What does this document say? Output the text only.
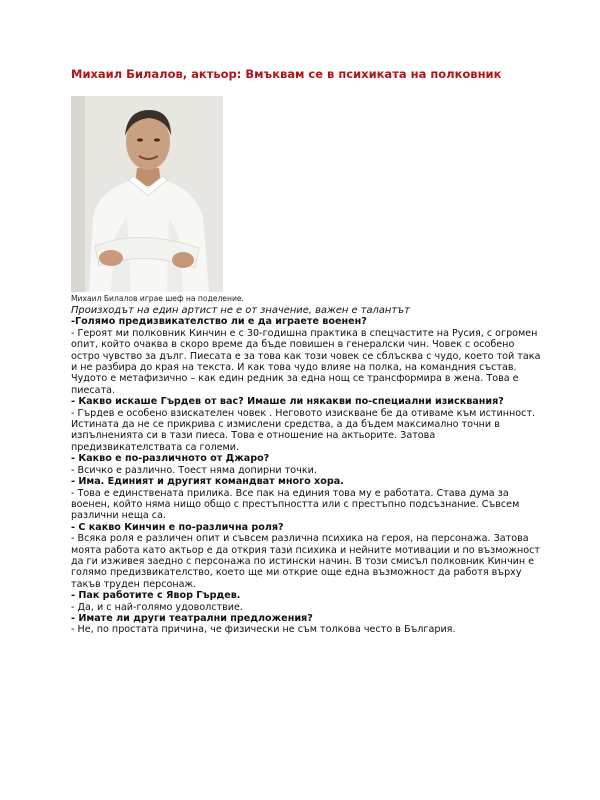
Михаил Билалов, актьор: Вмъквам се в психиката на полковник
Михаил Билалов играе шеф на поделение.

Произходът на един артист не е от значение, важен е талантът

-Голямо предизвикателство ли е да играете военен?

- Героят ми полковник Кинчин е с 30-годишна практика в спецчастите на Русия, с огромен опит, който очаква в скоро време да бъде повишен в генералски чин. Човек с особено остро чувство за дълг. Пиесата е за това как този човек се сблъсква с чудо, което той така и не разбира до края на текста. И как това чудо влияе на полка, на командния състав. Чудото е метафизично – как един редник за една нощ се трансформира в жена. Това е пиесата.

- Какво искаше Гърдев от вас? Имаше ли някакви по-специални изисквания?

- Гърдев е особено взискателен човек . Неговото изискване бе да отиваме към истинност. Истината да не се прикрива с измислени средства, а да бъдем максимално точни в изпълненията си в тази пиеса. Това е отношение на актьорите. Затова предизвикателствата са големи.

- Какво е по-различното от Джаро?

- Всичко е различно. Тоест няма допирни точки.

- Има. Единият и другият командват много хора.

- Това е единствената прилика. Все пак на единия това му е работата. Става дума за военен, който няма нищо общо с престъпността или с престъпно подсъзнание. Съвсем различни неща са.

- С какво Кинчин е по-различна роля?

- Всяка роля е различен опит и съвсем различна психика на героя, на персонажа. Затова моята работа като актьор е да открия тази психика и нейните мотивации и по възможност да ги изживея заедно с персонажа по истински начин. В този смисъл полковник Кинчин е голямо предизвикателство, което ще ми открие още една възможност да работя върху такъв труден персонаж.

- Пак работите с Явор Гърдев.

- Да, и с най-голямо удоволствие.

- Имате ли други театрални предложения?

- Не, по простата причина, че физически не съм толкова често в България.
